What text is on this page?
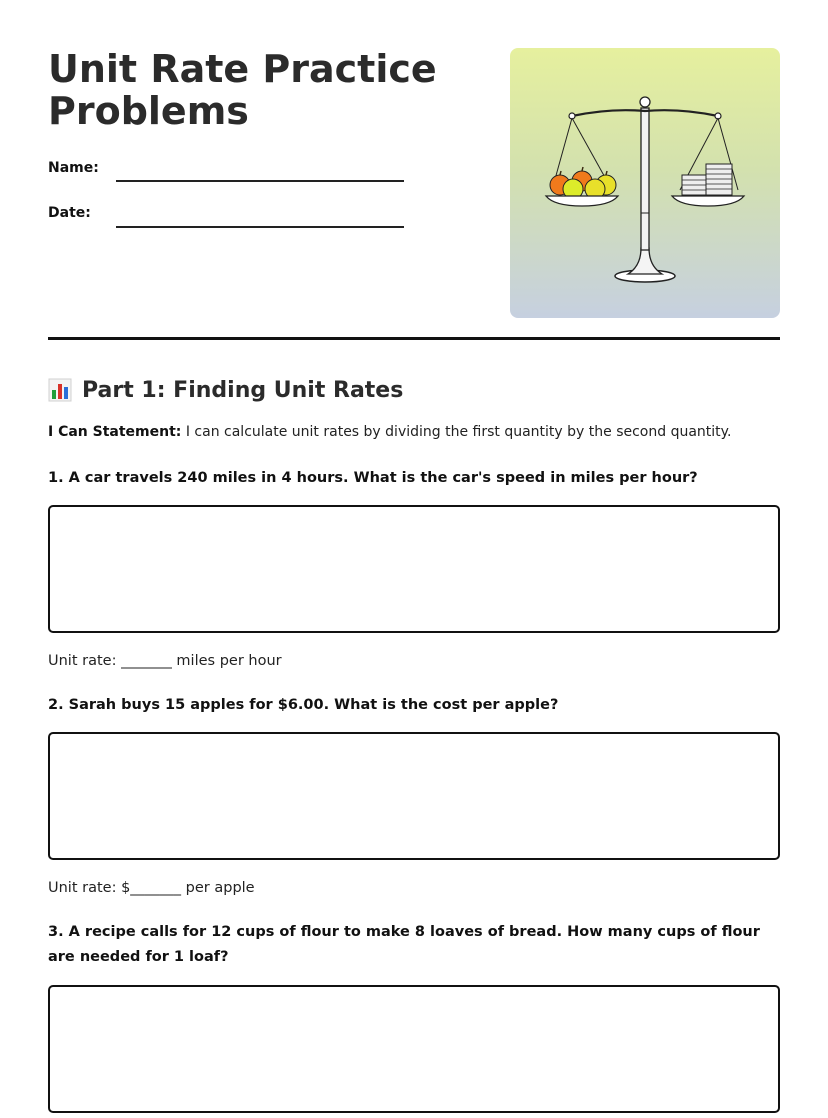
Unit Rate Practice Problems
Name:
Date:
Part 1: Finding Unit Rates
I Can Statement: I can calculate unit rates by dividing the first quantity by the second quantity.

1. A car travels 240 miles in 4 hours. What is the car's speed in miles per hour?

Unit rate: _______ miles per hour

2. Sarah buys 15 apples for $6.00. What is the cost per apple?

Unit rate: $_______ per apple

3. A recipe calls for 12 cups of flour to make 8 loaves of bread. How many cups of flour are needed for 1 loaf?
